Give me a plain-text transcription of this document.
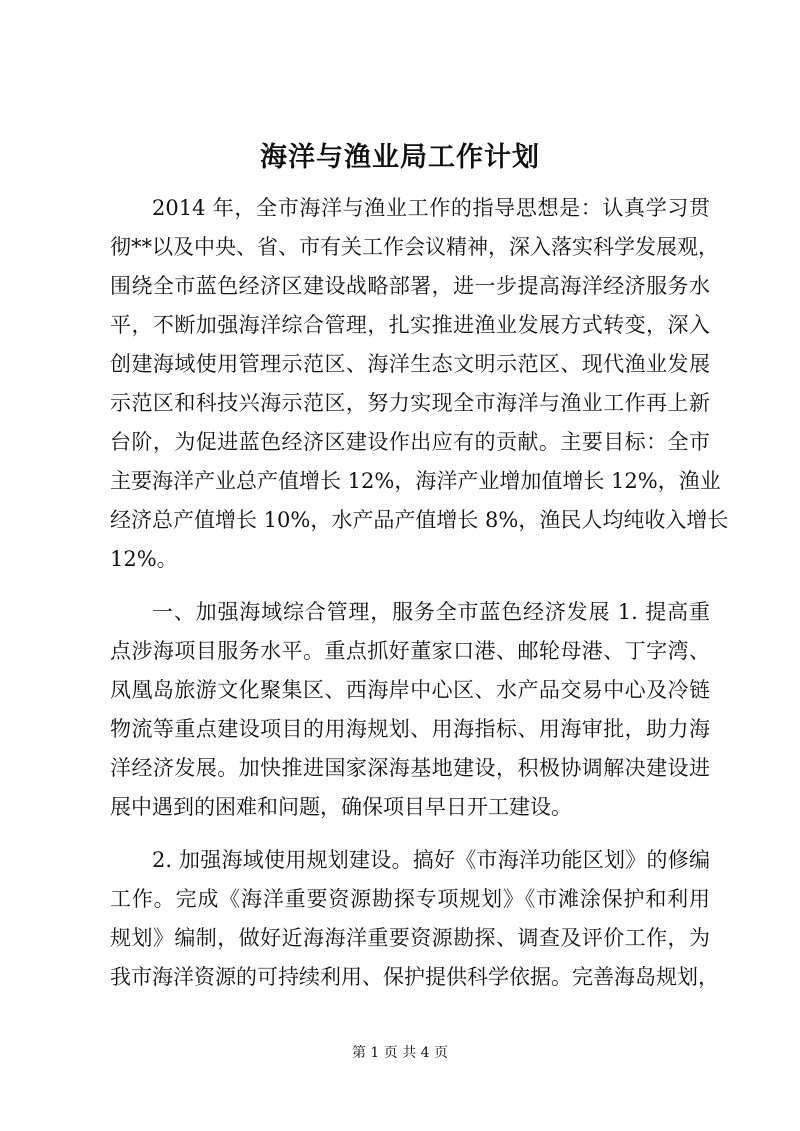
海洋与渔业局工作计划
2014 年，全市海洋与渔业工作的指导思想是：认真学习贯
彻**以及中央、省、市有关工作会议精神，深入落实科学发展观，
围绕全市蓝色经济区建设战略部署，进一步提高海洋经济服务水
平，不断加强海洋综合管理，扎实推进渔业发展方式转变，深入
创建海域使用管理示范区、海洋生态文明示范区、现代渔业发展
示范区和科技兴海示范区，努力实现全市海洋与渔业工作再上新
台阶，为促进蓝色经济区建设作出应有的贡献。主要目标：全市
主要海洋产业总产值增长 12%，海洋产业增加值增长 12%，渔业
经济总产值增长 10%，水产品产值增长 8%，渔民人均纯收入增长
12%。
一、加强海域综合管理，服务全市蓝色经济发展 1. 提高重
点涉海项目服务水平。重点抓好董家口港、邮轮母港、丁字湾、
凤凰岛旅游文化聚集区、西海岸中心区、水产品交易中心及冷链
物流等重点建设项目的用海规划、用海指标、用海审批，助力海
洋经济发展。加快推进国家深海基地建设，积极协调解决建设进
展中遇到的困难和问题，确保项目早日开工建设。
2. 加强海域使用规划建设。搞好《市海洋功能区划》的修编
工作。完成《海洋重要资源勘探专项规划》《市滩涂保护和利用
规划》编制，做好近海海洋重要资源勘探、调查及评价工作，为
我市海洋资源的可持续利用、保护提供科学依据。完善海岛规划，
第 1 页 共 4 页
